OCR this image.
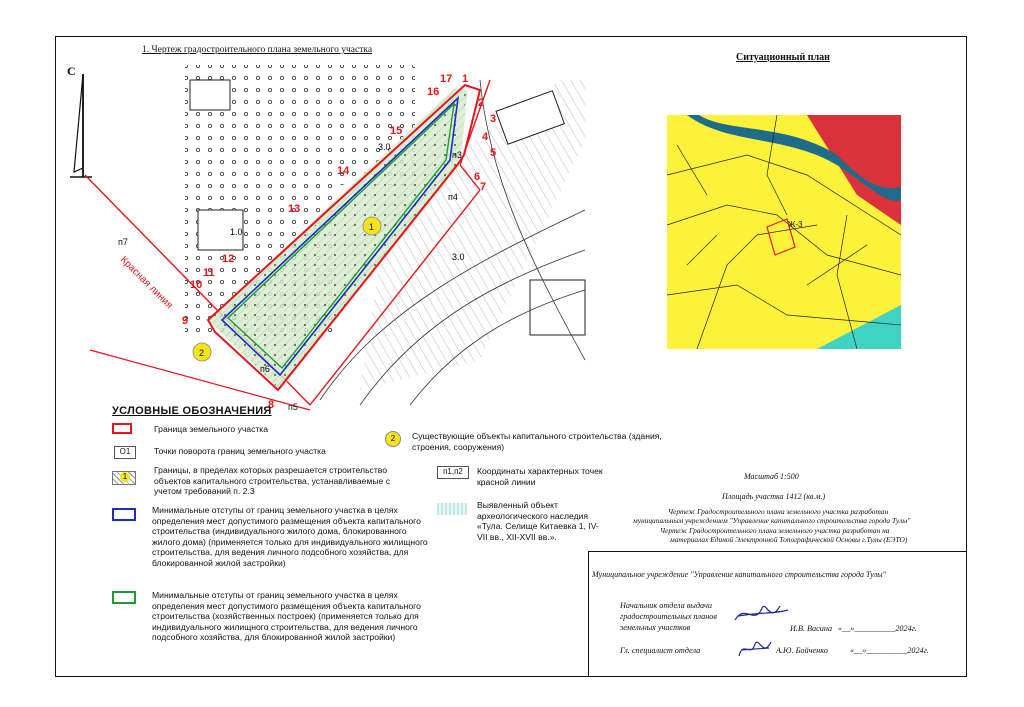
1. Чертеж градостроительного плана земельного участка
Ситуационный план
С
Красная линия
п7
п6
п5
п4
п3
1
2
3
4
5
6
7
8
9
10
11
12
13
14
15
16
17
3.0
1.0
3.0
1
2
Ж-3
УСЛОВНЫЕ ОБОЗНАЧЕНИЯ
Граница земельного участка
О1	Точки поворота границ земельного участка
1
Границы, в пределах которых разрешается строительство объектов капитального строительства, устанавливаемые с учетом требований п. 2.3
Минимальные отступы от границ земельного участка в целях определения мест допустимого размещения объекта капитального строительства (индивидуального жилого дома, блокированного жилого дома) (применяется только для индивидуального жилищного строительства, для ведения личного подсобного хозяйства, для блокированной жилой застройки)
Минимальные отступы от границ земельного участка в целях определения мест допустимого размещения объекта капитального строительства (хозяйственных построек) (применяется только для индивидуального жилищного строительства, для ведения личного подсобного хозяйства, для блокированной жилой застройки)
2	Существующие объекты капитального строительства (здания, строения, сооружения)
п1,п2	Координаты характерных точек красной линии
Выявленный объект археологического наследия «Тула. Селище Китаевка 1, IV-VII вв., XII-XVII вв.».
Масштаб 1:500
Площадь участка 1412 (кв.м.)
Чертеж Градостроительного плана земельного участка разработан
муниципальным учреждением "Управление капитального строительства города Тулы"
Чертеж Градостроительного плана земельного участка разработан на
материалах Единой Электронной Топографической Основы г.Тулы (ЕЭТО)
Муниципальное учреждение "Управление капитального строительства города Тулы"
Начальник отдела выдачи
градостроительных планов
земельных участков	И.В. Васина «__»__________2024г.
Гл. специалист отдела	А.Ю. Бойченко	«__»__________2024г.
